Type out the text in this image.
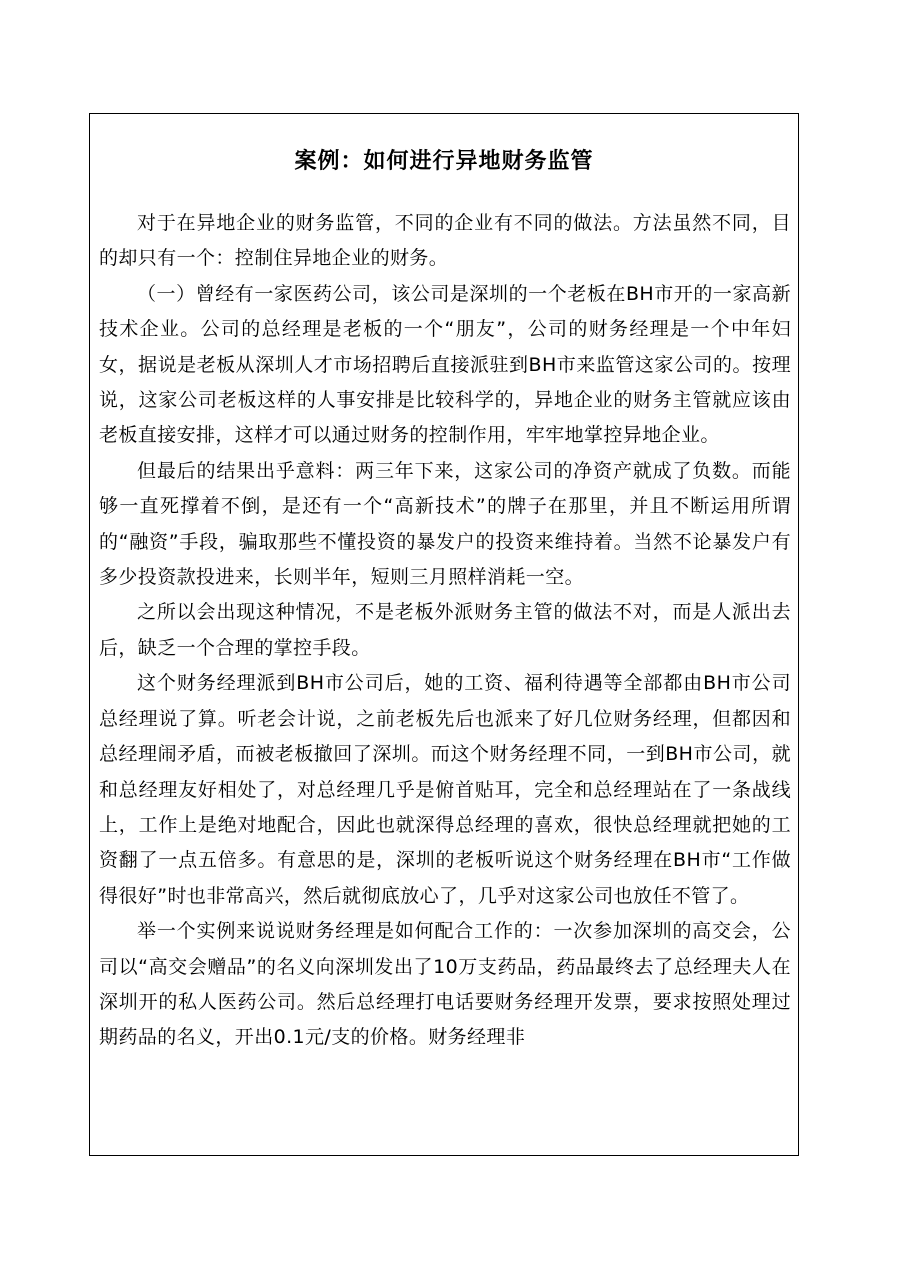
案例：如何进行异地财务监管

对于在异地企业的财务监管，不同的企业有不同的做法。方法虽然不同，目的却只有一个：控制住异地企业的财务。

（一）曾经有一家医药公司，该公司是深圳的一个老板在BH市开的一家高新技术企业。公司的总经理是老板的一个“朋友”，公司的财务经理是一个中年妇女，据说是老板从深圳人才市场招聘后直接派驻到BH市来监管这家公司的。按理说，这家公司老板这样的人事安排是比较科学的，异地企业的财务主管就应该由老板直接安排，这样才可以通过财务的控制作用，牢牢地掌控异地企业。

但最后的结果出乎意料：两三年下来，这家公司的净资产就成了负数。而能够一直死撑着不倒，是还有一个“高新技术”的牌子在那里，并且不断运用所谓的“融资”手段，骗取那些不懂投资的暴发户的投资来维持着。当然不论暴发户有多少投资款投进来，长则半年，短则三月照样消耗一空。

之所以会出现这种情况，不是老板外派财务主管的做法不对，而是人派出去后，缺乏一个合理的掌控手段。

这个财务经理派到BH市公司后，她的工资、福利待遇等全部都由BH市公司总经理说了算。听老会计说，之前老板先后也派来了好几位财务经理，但都因和总经理闹矛盾，而被老板撤回了深圳。而这个财务经理不同，一到BH市公司，就和总经理友好相处了，对总经理几乎是俯首贴耳，完全和总经理站在了一条战线上，工作上是绝对地配合，因此也就深得总经理的喜欢，很快总经理就把她的工资翻了一点五倍多。有意思的是，深圳的老板听说这个财务经理在BH市“工作做得很好”时也非常高兴，然后就彻底放心了，几乎对这家公司也放任不管了。

举一个实例来说说财务经理是如何配合工作的：一次参加深圳的高交会，公司以“高交会赠品”的名义向深圳发出了10万支药品，药品最终去了总经理夫人在深圳开的私人医药公司。然后总经理打电话要财务经理开发票，要求按照处理过期药品的名义，开出0.1元/支的价格。财务经理非
